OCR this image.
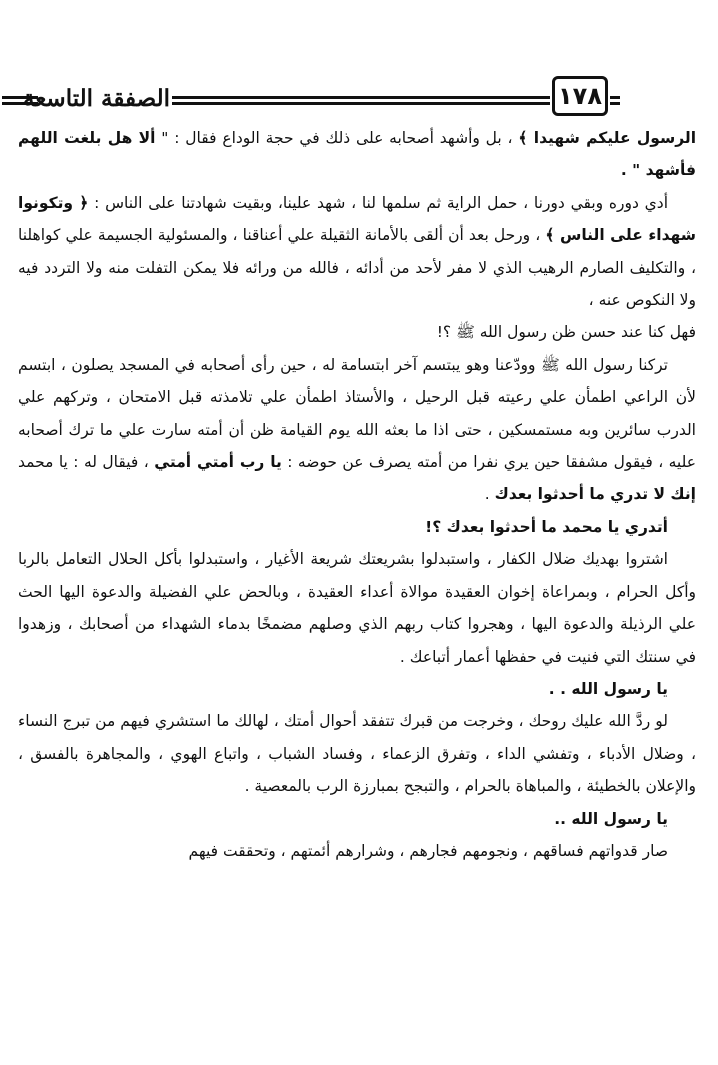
الصفقة التاسعة	١٧٨

الرسول عليكم شهيدا ﴾ ، بل وأشهد أصحابه على ذلك في حجة الوداع فقال : " ألا هل بلغت اللهم فأشهد " .

أدي دوره وبقي دورنا ، حمل الراية ثم سلمها لنا ، شهد علينا، وبقيت شهادتنا على الناس : ﴿ وتكونوا شهداء على الناس ﴾ ، ورحل بعد أن ألقى بالأمانة الثقيلة علي أعناقنا ، والمسئولية الجسيمة علي كواهلنا ، والتكليف الصارم الرهيب الذي لا مفر لأحد من أدائه ، فالله من ورائه فلا يمكن التفلت منه ولا التردد فيه ولا النكوص عنه ،

فهل كنا عند حسن ظن رسول الله ﷺ ؟!

تركنا رسول الله ﷺ وودّعنا وهو يبتسم آخر ابتسامة له ، حين رأى أصحابه في المسجد يصلون ، ابتسم لأن الراعي اطمأن علي رعيته قبل الرحيل ، والأستاذ اطمأن علي تلامذته قبل الامتحان ، وتركهم علي الدرب سائرين وبه مستمسكين ، حتى اذا ما بعثه الله يوم القيامة ظن أن أمته سارت علي ما ترك أصحابه عليه ، فيقول مشفقا حين يري نفرا من أمته يصرف عن حوضه : يا رب أمتي أمتي ، فيقال له : يا محمد إنك لا تدري ما أحدثوا بعدك .

أتدري يا محمد ما أحدثوا بعدك ؟!

اشتروا بهديك ضلال الكفار ، واستبدلوا بشريعتك شريعة الأغيار ، واستبدلوا بأكل الحلال التعامل بالربا وأكل الحرام ، وبمراعاة إخوان العقيدة موالاة أعداء العقيدة ، وبالحض علي الفضيلة والدعوة اليها الحث علي الرذيلة والدعوة اليها ، وهجروا كتاب ربهم الذي وصلهم مضمخًا بدماء الشهداء من أصحابك ، وزهدوا في سنتك التي فنيت في حفظها أعمار أتباعك .

يا رسول الله . .

لو ردَّ الله عليك روحك ، وخرجت من قبرك تتفقد أحوال أمتك ، لهالك ما استشري فيهم من تبرج النساء ، وضلال الأدباء ، وتفشي الداء ، وتفرق الزعماء ، وفساد الشباب ، واتباع الهوي ، والمجاهرة بالفسق ، والإعلان بالخطيئة ، والمباهاة بالحرام ، والتبجح بمبارزة الرب بالمعصية .

يا رسول الله ..

صار قدواتهم فساقهم ، ونجومهم فجارهم ، وشرارهم أئمتهم ، وتحققت فيهم
